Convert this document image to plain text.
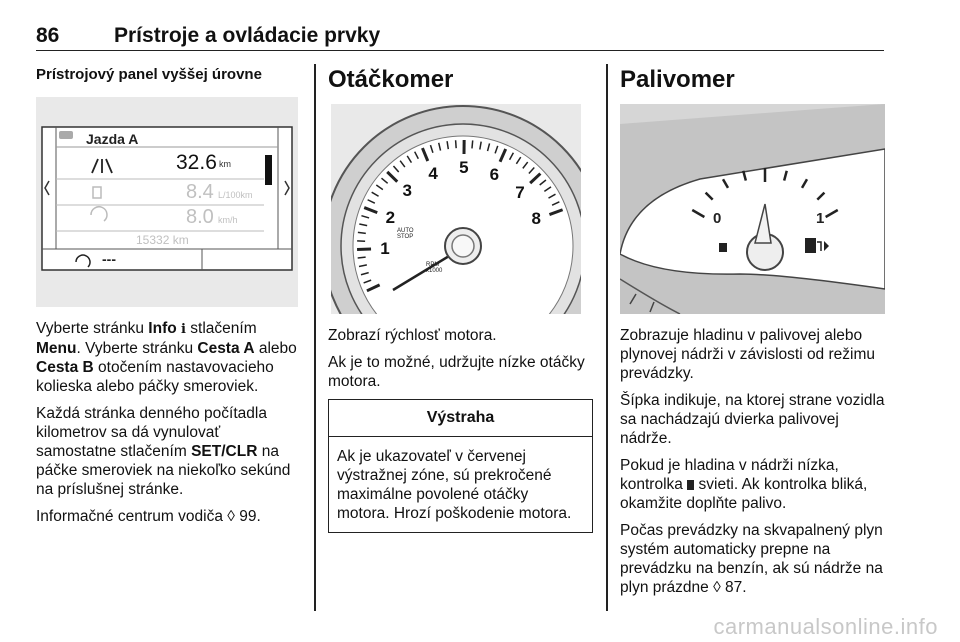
86	Prístroje a ovládacie prvky
Prístrojový panel vyššej úrovne
Jazda A
32.6 km
8.4 L/100km
8.0 km/h
15332 km
---

Vyberte stránku Info i stlačením Menu. Vyberte stránku Cesta A alebo Cesta B otočením nastavovacieho kolieska alebo páčky smeroviek.

Každá stránka denného počítadla kilometrov sa dá vynulovať samostatne stlačením SET/CLR na páčke smeroviek na niekoľko sekúnd na príslušnej stránke.

Informačné centrum vodiča ◊ 99.

Otáčkomer
AUTO
STOP
RPM
x1000
1
2
3
4 5 6
7
8

Zobrazí rýchlosť motora.

Ak je to možné, udržujte nízke otáčky motora.

Výstraha
Ak je ukazovateľ v červenej výstražnej zóne, sú prekročené maximálne povolené otáčky motora. Hrozí poškodenie motora.
Palivomer
0	1

Zobrazuje hladinu v palivovej alebo plynovej nádrži v závislosti od režimu prevádzky.

Šípka indikuje, na ktorej strane vozidla sa nachádzajú dvierka palivovej nádrže.

Pokud je hladina v nádrži nízka, kontrolka  svieti. Ak kontrolka bliká, okamžite doplňte palivo.

Počas prevádzky na skvapalnený plyn systém automaticky prepne na prevádzku na benzín, ak sú nádrže na plyn prázdne ◊ 87.

carmanualsonline.info
